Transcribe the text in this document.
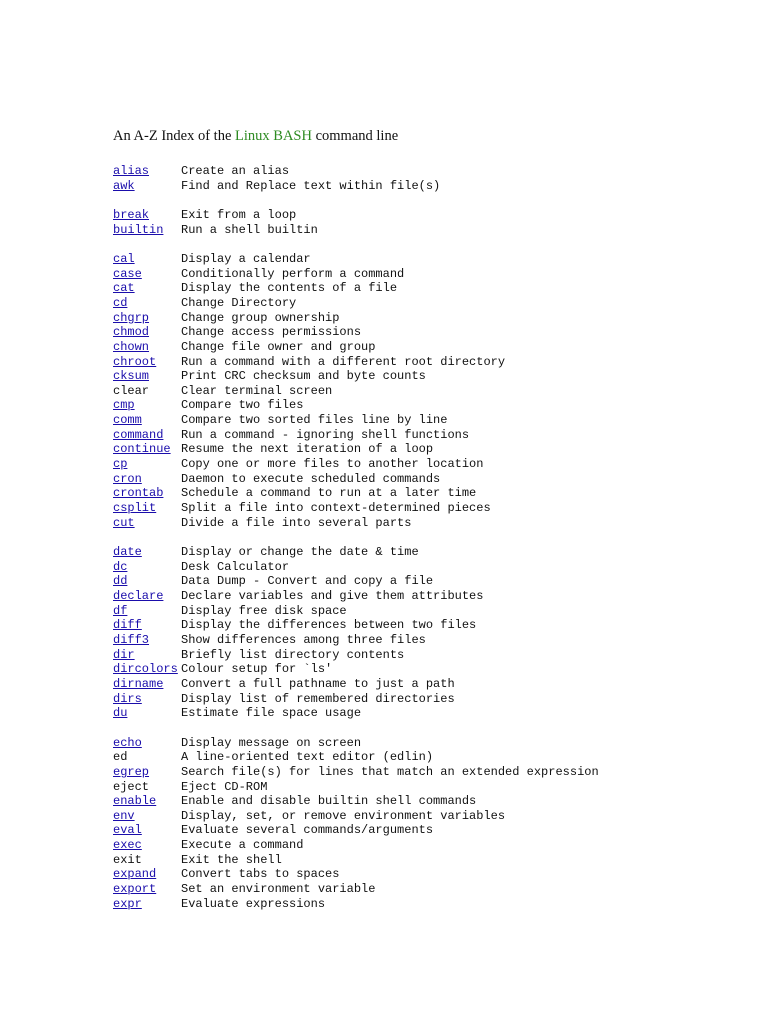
An A-Z Index of the Linux BASH command line
alias	Create an alias
awk	Find and Replace text within file(s)
break	Exit from a loop
builtin	Run a shell builtin
cal	Display a calendar
case	Conditionally perform a command
cat	Display the contents of a file
cd	Change Directory
chgrp	Change group ownership
chmod	Change access permissions
chown	Change file owner and group
chroot	Run a command with a different root directory
cksum	Print CRC checksum and byte counts
clear	Clear terminal screen
cmp	Compare two files
comm	Compare two sorted files line by line
command	Run a command - ignoring shell functions
continue Resume the next iteration of a loop
cp	Copy one or more files to another location
cron	Daemon to execute scheduled commands
crontab	Schedule a command to run at a later time
csplit	Split a file into context-determined pieces
cut	Divide a file into several parts
date	Display or change the date & time
dc	Desk Calculator
dd	Data Dump - Convert and copy a file
declare	Declare variables and give them attributes
df	Display free disk space
diff	Display the differences between two files
diff3	Show differences among three files
dir	Briefly list directory contents
dircolors Colour setup for `ls'
dirname	Convert a full pathname to just a path
dirs	Display list of remembered directories
du	Estimate file space usage
echo	Display message on screen
ed	A line-oriented text editor (edlin)
egrep	Search file(s) for lines that match an extended expression
eject	Eject CD-ROM
enable	Enable and disable builtin shell commands
env	Display, set, or remove environment variables
eval	Evaluate several commands/arguments
exec	Execute a command
exit	Exit the shell
expand	Convert tabs to spaces
export	Set an environment variable
expr	Evaluate expressions
